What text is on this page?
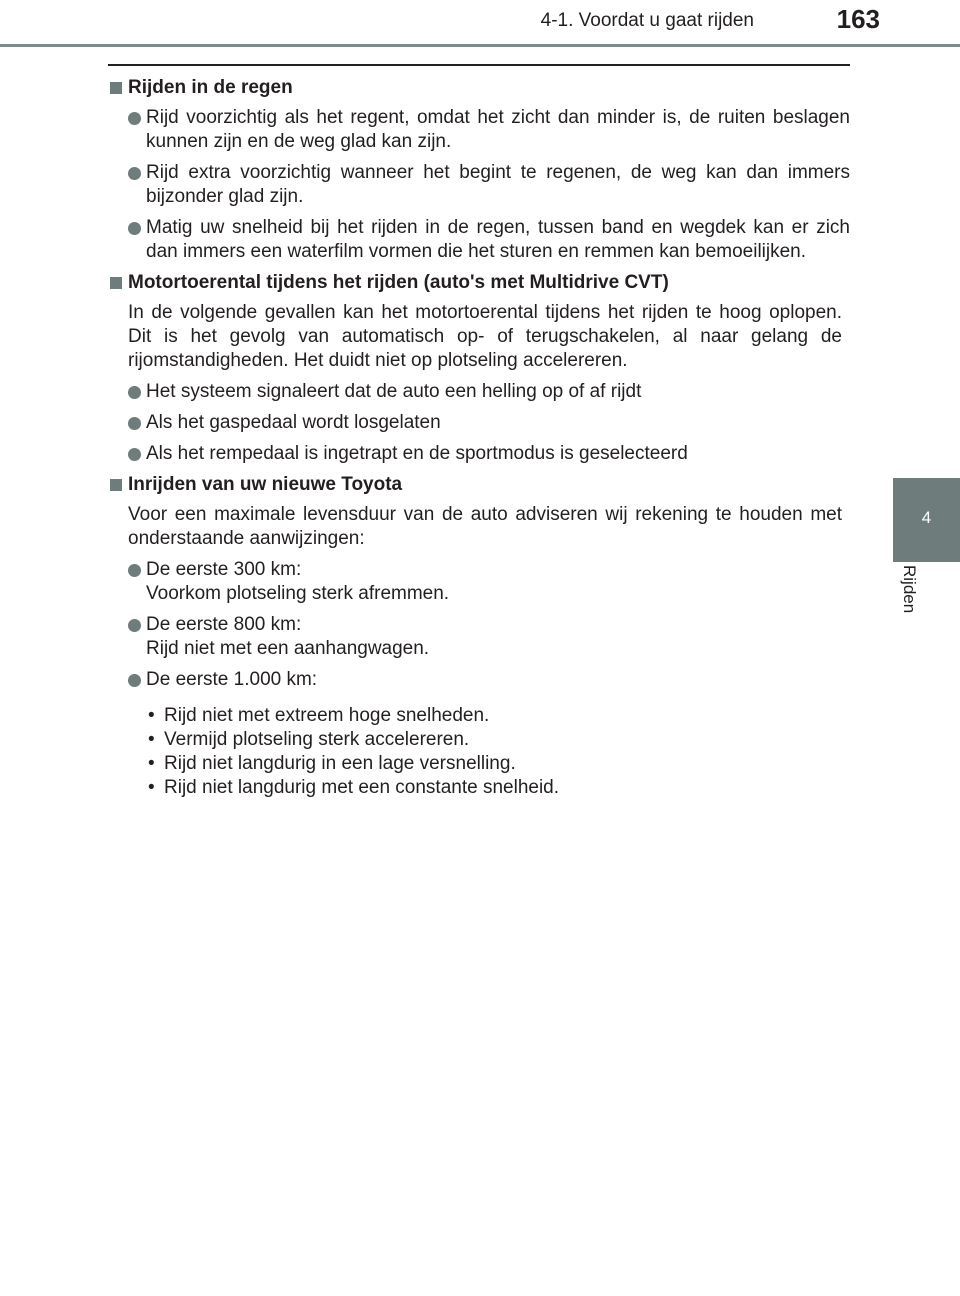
4-1. Voordat u gaat rijden	163
4
Rijden
Rijden in de regen
Rijd voorzichtig als het regent, omdat het zicht dan minder is, de ruiten beslagen kunnen zijn en de weg glad kan zijn.
Rijd extra voorzichtig wanneer het begint te regenen, de weg kan dan immers bijzonder glad zijn.
Matig uw snelheid bij het rijden in de regen, tussen band en wegdek kan er zich dan immers een waterfilm vormen die het sturen en remmen kan bemoeilijken.
Motortoerental tijdens het rijden (auto's met Multidrive CVT)
In de volgende gevallen kan het motortoerental tijdens het rijden te hoog oplopen. Dit is het gevolg van automatisch op- of terugschakelen, al naar gelang de rijomstandigheden. Het duidt niet op plotseling accelereren.
Het systeem signaleert dat de auto een helling op of af rijdt
Als het gaspedaal wordt losgelaten
Als het rempedaal is ingetrapt en de sportmodus is geselecteerd
Inrijden van uw nieuwe Toyota
Voor een maximale levensduur van de auto adviseren wij rekening te houden met onderstaande aanwijzingen:
De eerste 300 km:
Voorkom plotseling sterk afremmen.
De eerste 800 km:
Rijd niet met een aanhangwagen.
De eerste 1.000 km:
• Rijd niet met extreem hoge snelheden.
• Vermijd plotseling sterk accelereren.
• Rijd niet langdurig in een lage versnelling.
• Rijd niet langdurig met een constante snelheid.
